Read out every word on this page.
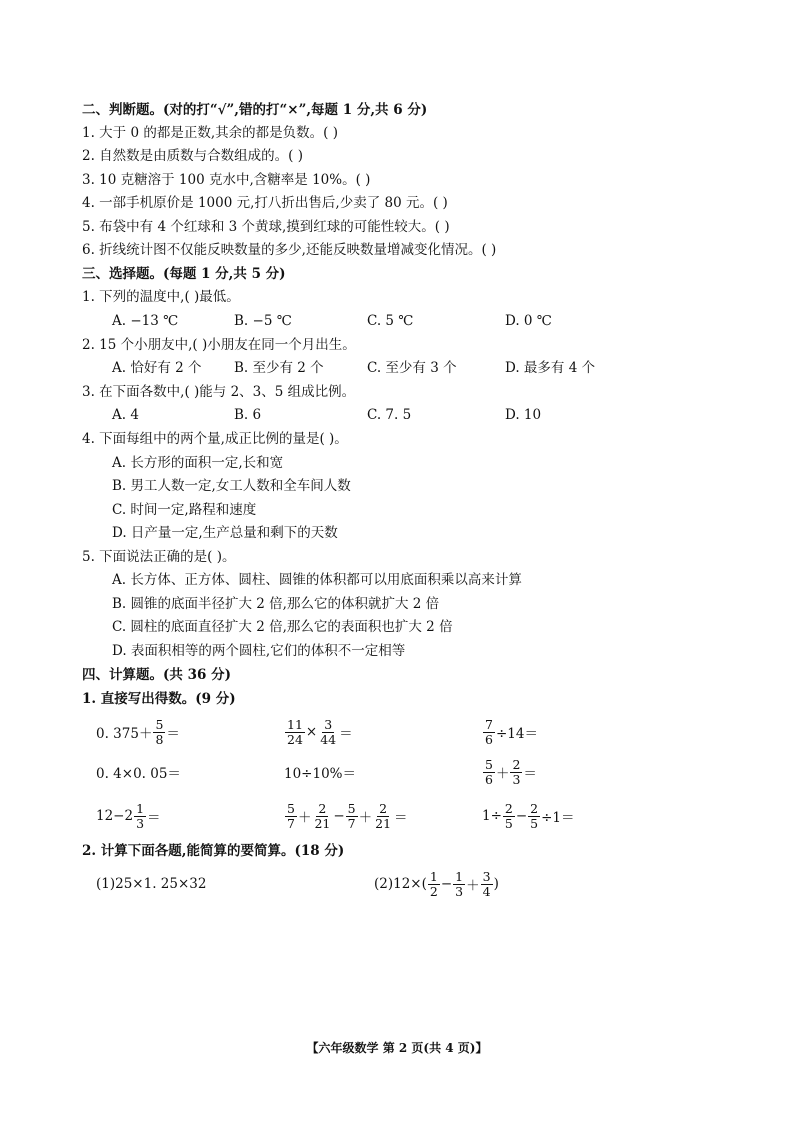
二、判断题。(对的打“√”,错的打“×”,每题 1 分,共 6 分)
1. 大于 0 的都是正数,其余的都是负数。( )
2. 自然数是由质数与合数组成的。( )
3. 10 克糖溶于 100 克水中,含糖率是 10%。( )
4. 一部手机原价是 1000 元,打八折出售后,少卖了 80 元。( )
5. 布袋中有 4 个红球和 3 个黄球,摸到红球的可能性较大。( )
6. 折线统计图不仅能反映数量的多少,还能反映数量增减变化情况。( )
三、选择题。(每题 1 分,共 5 分)
1. 下列的温度中,( )最低。
A. −13 ℃	B. −5 ℃	C. 5 ℃	D. 0 ℃
2. 15 个小朋友中,( )小朋友在同一个月出生。
A. 恰好有 2 个 B. 至少有 2 个	C. 至少有 3 个	D. 最多有 4 个
3. 在下面各数中,( )能与 2、3、5 组成比例。
A. 4	B. 6	C. 7. 5	D. 10
4. 下面每组中的两个量,成正比例的量是( )。
A. 长方形的面积一定,长和宽
B. 男工人数一定,女工人数和全车间人数
C. 时间一定,路程和速度
D. 日产量一定,生产总量和剩下的天数
5. 下面说法正确的是( )。
A. 长方体、正方体、圆柱、圆锥的体积都可以用底面积乘以高来计算
B. 圆锥的底面半径扩大 2 倍,那么它的体积就扩大 2 倍
C. 圆柱的底面直径扩大 2 倍,那么它的表面积也扩大 2 倍
D. 表面积相等的两个圆柱,它们的体积不一定相等
四、计算题。(共 36 分)
1. 直接写出得数。(9 分)
0. $375+ \frac{5}{8}$ ＝	$\frac{11}{24} \times \frac{3}{44}$ ＝	$\frac{7}{6} \div 14=$
0. 4×0. 05＝	10÷10%＝	$\frac{5}{6} + \frac{2}{3}$ ＝
$12-2 \frac{1}{3}$ ＝	$\frac{5}{7} + \frac{2}{21} - \frac{5}{7} + \frac{2}{21}$ ＝	$1\div \frac{2}{5} - \frac{2}{5} \div 1=$
2. 计算下面各题,能简算的要简算。(18 分)
(1)25×1. 25×32	$(2)12\times( \frac{1}{2} - \frac{1}{3} + \frac{3}{4}$ )
【六年级数学 第 2 页(共 4 页)】
